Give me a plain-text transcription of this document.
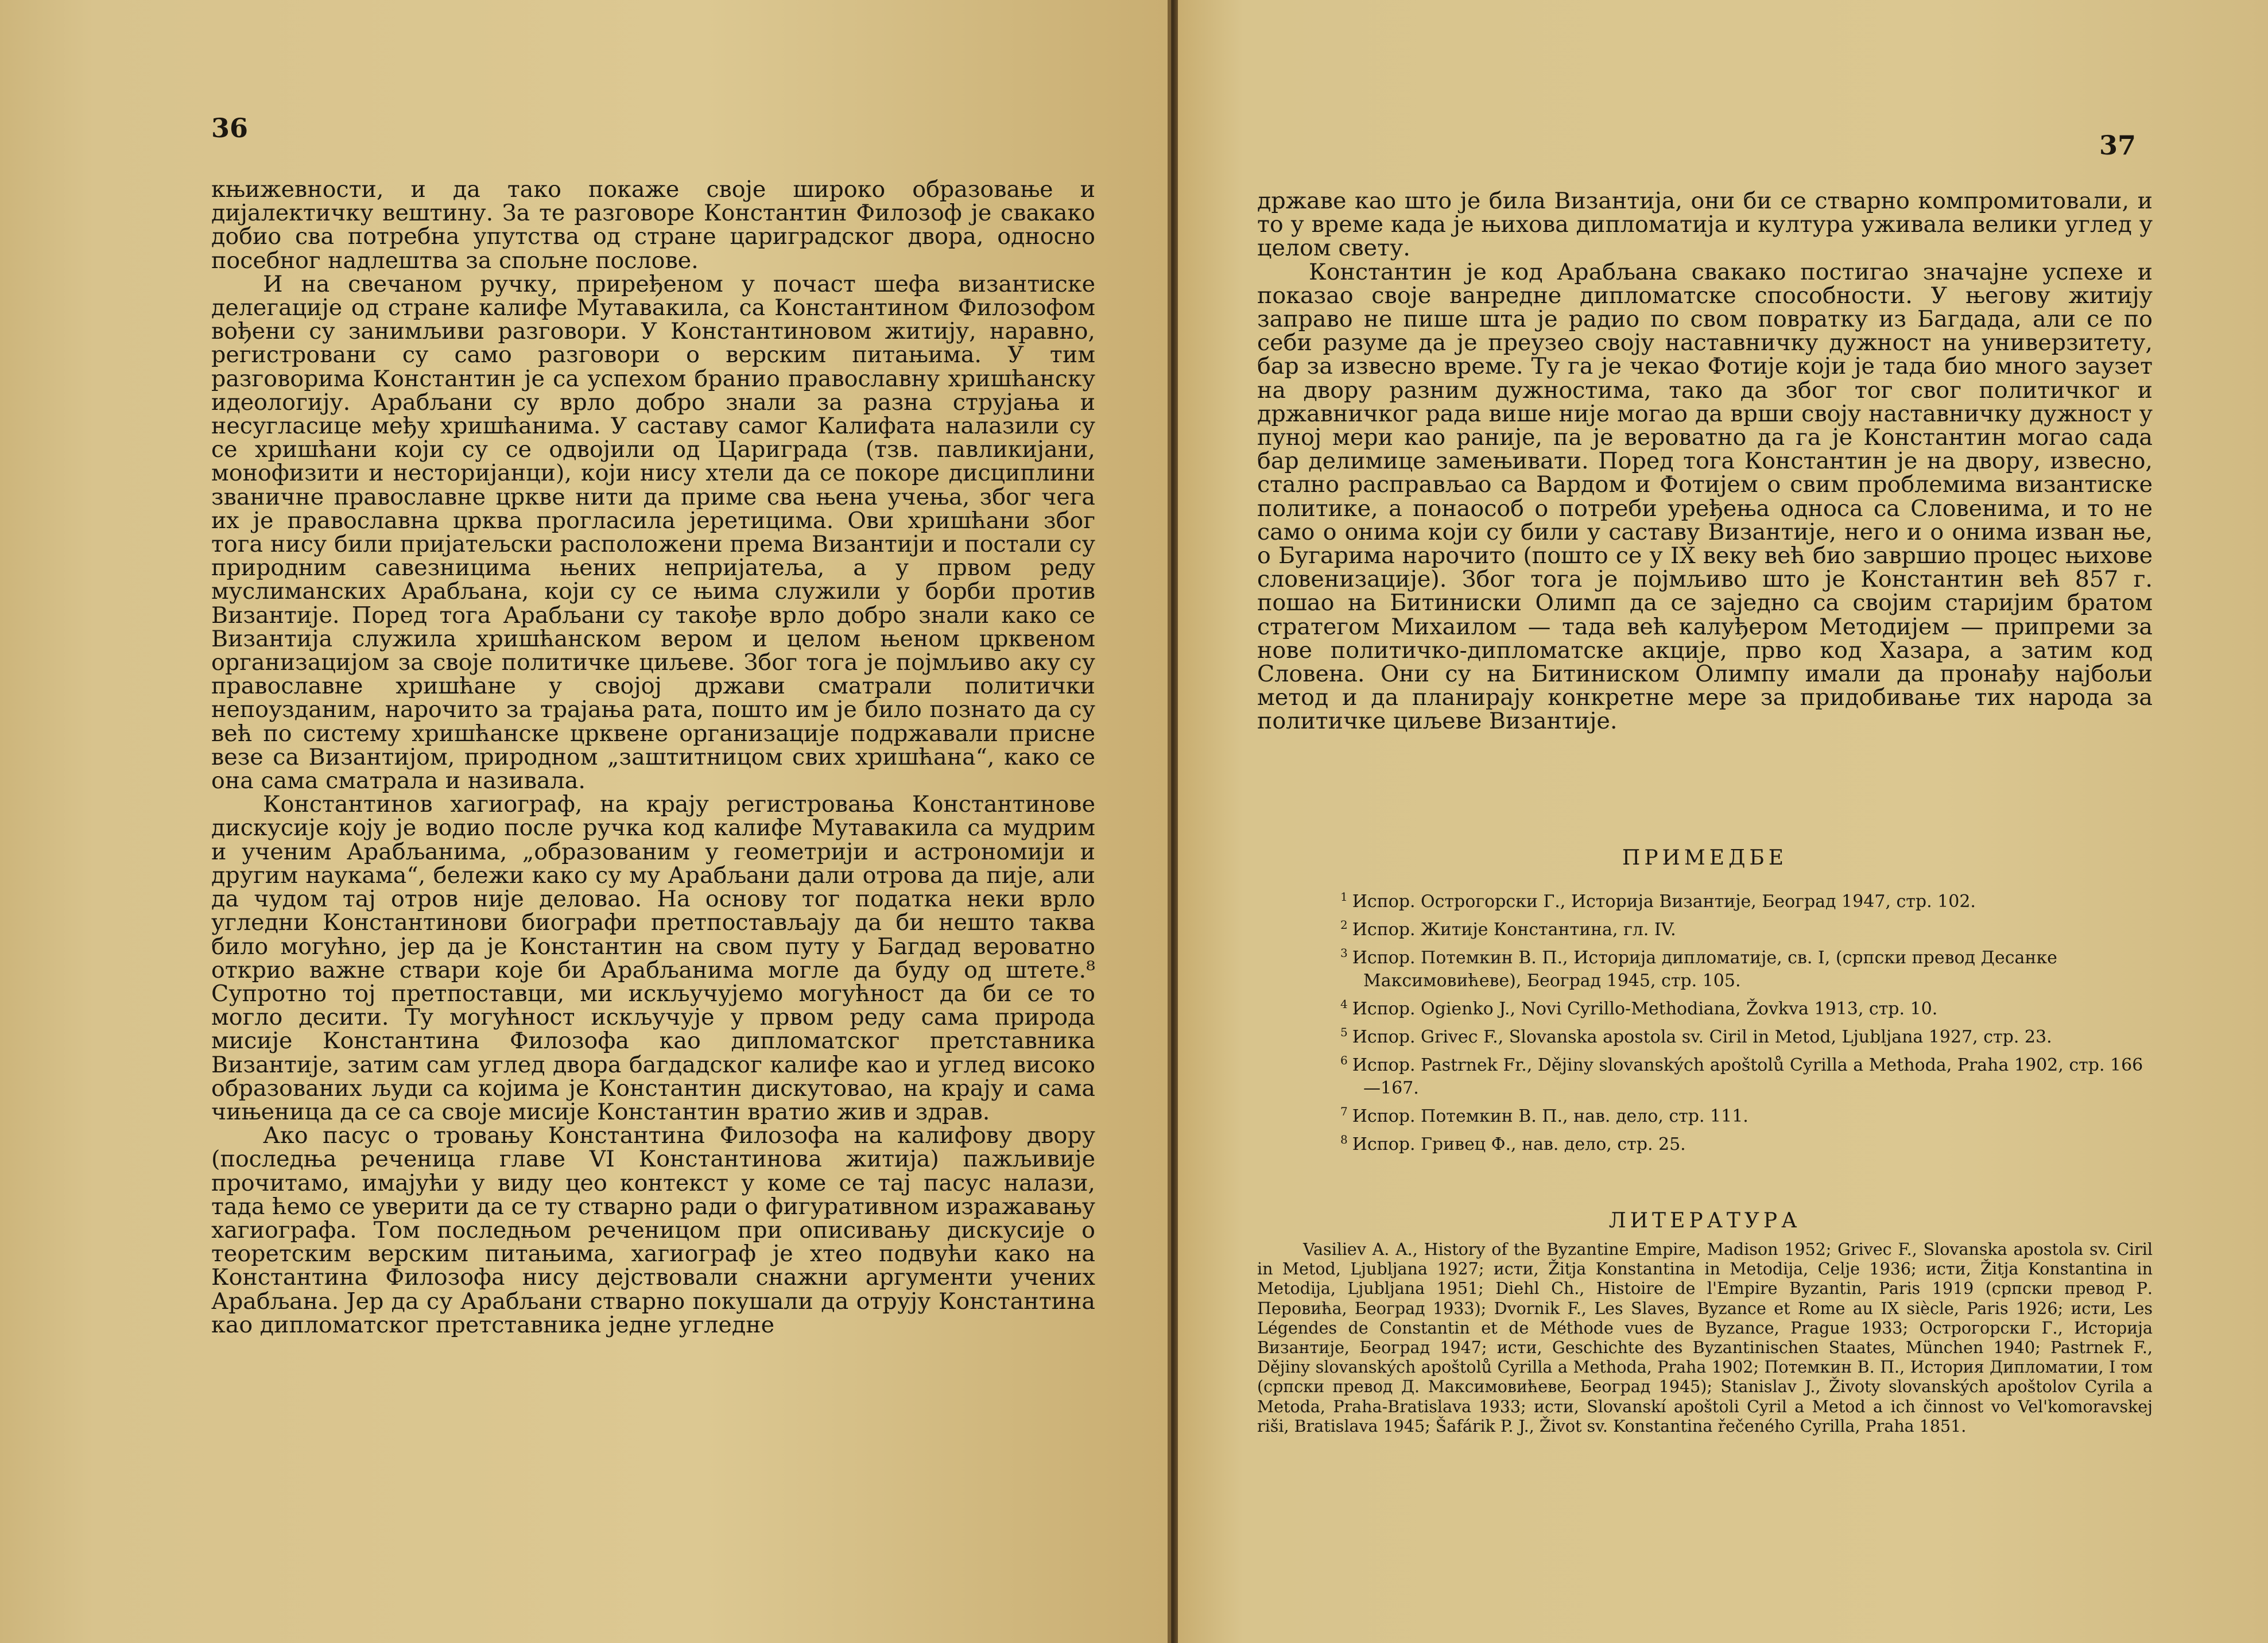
36

књижевности, и да тако покаже своје широко образовање и дијалектичку вештину. За те разговоре Константин Филозоф је свакако добио сва потребна упутства од стране цариградског двора, односно посебног надлештва за спољне послове.

И на свечаном ручку, приређеном у почаст шефа византиске делегације од стране калифе Мутавакила, са Константином Филозофом вођени су занимљиви разговори. У Константиновом житију, наравно, регистровани су само разговори о верским питањима. У тим разговорима Константин је са успехом бранио православну хришћанску идеологију. Арабљани су врло добро знали за разна струјања и несугласице међу хришћанима. У саставу самог Калифата налазили су се хришћани који су се одвојили од Цариграда (тзв. павликијани, монофизити и несторијанци), који нису хтели да се покоре дисциплини званичне православне цркве нити да приме сва њена учења, због чега их је православна црква прогласила јеретицима. Ови хришћани због тога нису били пријатељски расположени према Византији и постали су природним савезницима њених непријатеља, а у првом реду муслиманских Арабљана, који су се њима служили у борби против Византије. Поред тога Арабљани су такође врло добро знали како се Византија служила хришћанском вером и целом њеном црквеном организацијом за своје политичке циљеве. Због тога је појмљиво аку су православне хришћане у својој држави сматрали политички непоузданим, нарочито за трајања рата, пошто им је било познато да су већ по систему хришћанске црквене организације подржавали присне везе са Византијом, природном „заштитницом свих хришћана“, како се она сама сматрала и називала.

Константинов хагиограф, на крају регистровања Константинове дискусије коју је водио после ручка код калифе Мутавакила са мудрим и ученим Арабљанима, „образованим у геометрији и астрономији и другим наукама“, бележи како су му Арабљани дали отрова да пије, али да чудом тај отров није деловао. На основу тог податка неки врло угледни Константинови биографи претпостављају да би нешто таква било могућно, јер да је Константин на свом путу у Багдад вероватно открио важне ствари које би Арабљанима могле да буду од штете.⁸ Супротно тој претпоставци, ми искључујемо могућност да би се то могло десити. Ту могућност искључује у првом реду сама природа мисије Константина Филозофа као дипломатског претставника Византије, затим сам углед двора багдадског калифе као и углед високо образованих људи са којима је Константин дискутовао, на крају и сама чињеница да се са своје мисије Константин вратио жив и здрав.

Ако пасус о тровању Константина Филозофа на калифову двору (последња реченица главе VI Константинова житија) пажљивије прочитамо, имајући у виду цео контекст у коме се тај пасус налази, тада ћемо се уверити да се ту стварно ради о фигуративном изражавању хагиографа. Том последњом реченицом при описивању дискусије о теоретским верским питањима, хагиограф је хтео подвући како на Константина Филозофа нису дејствовали снажни аргументи учених Арабљана. Јер да су Арабљани стварно покушали да отрују Константина као дипломатског претставника једне угледне

37

државе као што је била Византија, они би се стварно компромитовали, и то у време када је њихова дипломатија и култура уживала велики углед у целом свету.

Константин је код Арабљана свакако постигао значајне успехе и показао своје ванредне дипломатске способности. У његову житију заправо не пише шта је радио по свом повратку из Багдада, али се по себи разуме да је преузео своју наставничку дужност на универзитету, бар за извесно време. Ту га је чекао Фотије који је тада био много заузет на двору разним дужностима, тако да због тог свог политичког и државничког рада више није могао да врши своју наставничку дужност у пуној мери као раније, па је вероватно да га је Константин могао сада бар делимице замењивати. Поред тога Константин је на двору, извесно, стално расправљао са Вардом и Фотијем о свим проблемима византиске политике, а понаособ о потреби уређења односа са Словенима, и то не само о онима који су били у саставу Византије, него и о онима изван ње, о Бугарима нарочито (пошто се у IX веку већ био завршио процес њихове словенизације). Због тога је појмљиво што је Константин већ 857 г. пошао на Битиниски Олимп да се заједно са својим старијим братом стратегом Михаилом — тада већ калуђером Методијем — припреми за нове политичко-дипломатске акције, прво код Хазара, а затим код Словена. Они су на Битиниском Олимпу имали да пронађу најбољи метод и да планирају конкретне мере за придобивање тих народа за политичке циљеве Византије.

ПРИМЕДБЕ

$^1$ Испор. Острогорски Г., Историја Византије, Београд 1947, стр. 102.

$^2$ Испор. Житије Константина, гл. IV.

$^3$ Испор. Потемкин В. П., Историја дипломатије, св. I, (српски превод Десанке Максимовићеве), Београд 1945, стр. 105.

$^4$ Испор. Ogienko J., Novi Cyrillo-Methodiana, Žovkva 1913, стр. 10.

$^5$ Испор. Grivec F., Slovanska apostola sv. Ciril in Metod, Ljubljana 1927, стр. 23.

$^6$ Испор. Pastrnek Fr., Dějiny slovanských apoštolů Cyrilla a Methoda, Praha 1902, стр. 166—167.

$^7$ Испор. Потемкин В. П., нав. дело, стр. 111.

$^8$ Испор. Гривец Ф., нав. дело, стр. 25.

ЛИТЕРАТУРА

Vasiliev A. A., History of the Byzantine Empire, Madison 1952; Grivec F., Slovanska apostola sv. Ciril in Metod, Ljubljana 1927; исти, Žitja Konstantina in Metodija, Celje 1936; исти, Žitja Konstantina in Metodija, Ljubljana 1951; Diehl Ch., Histoire de l'Empire Byzantin, Paris 1919 (српски превод Р. Перовића, Београд 1933); Dvornik F., Les Slaves, Byzance et Rome au IX siècle, Paris 1926; исти, Les Légendes de Constantin et de Méthode vues de Byzance, Prague 1933; Острогорски Г., Историја Византије, Београд 1947; исти, Geschichte des Byzantinischen Staates, München 1940; Pastrnek F., Dějiny slovanských apoštolů Cyrilla a Methoda, Praha 1902; Потемкин В. П., История Дипломатии, I том (српски превод Д. Максимовићеве, Београд 1945); Stanislav J., Životy slovanských apoštolov Cyrila a Metoda, Praha-Bratislava 1933; исти, Slovanskí apoštoli Cyril a Metod a ich činnost vo Vel'komoravskej riši, Bratislava 1945; Šafárik P. J., Život sv. Konstantina řečeného Cyrilla, Praha 1851.
